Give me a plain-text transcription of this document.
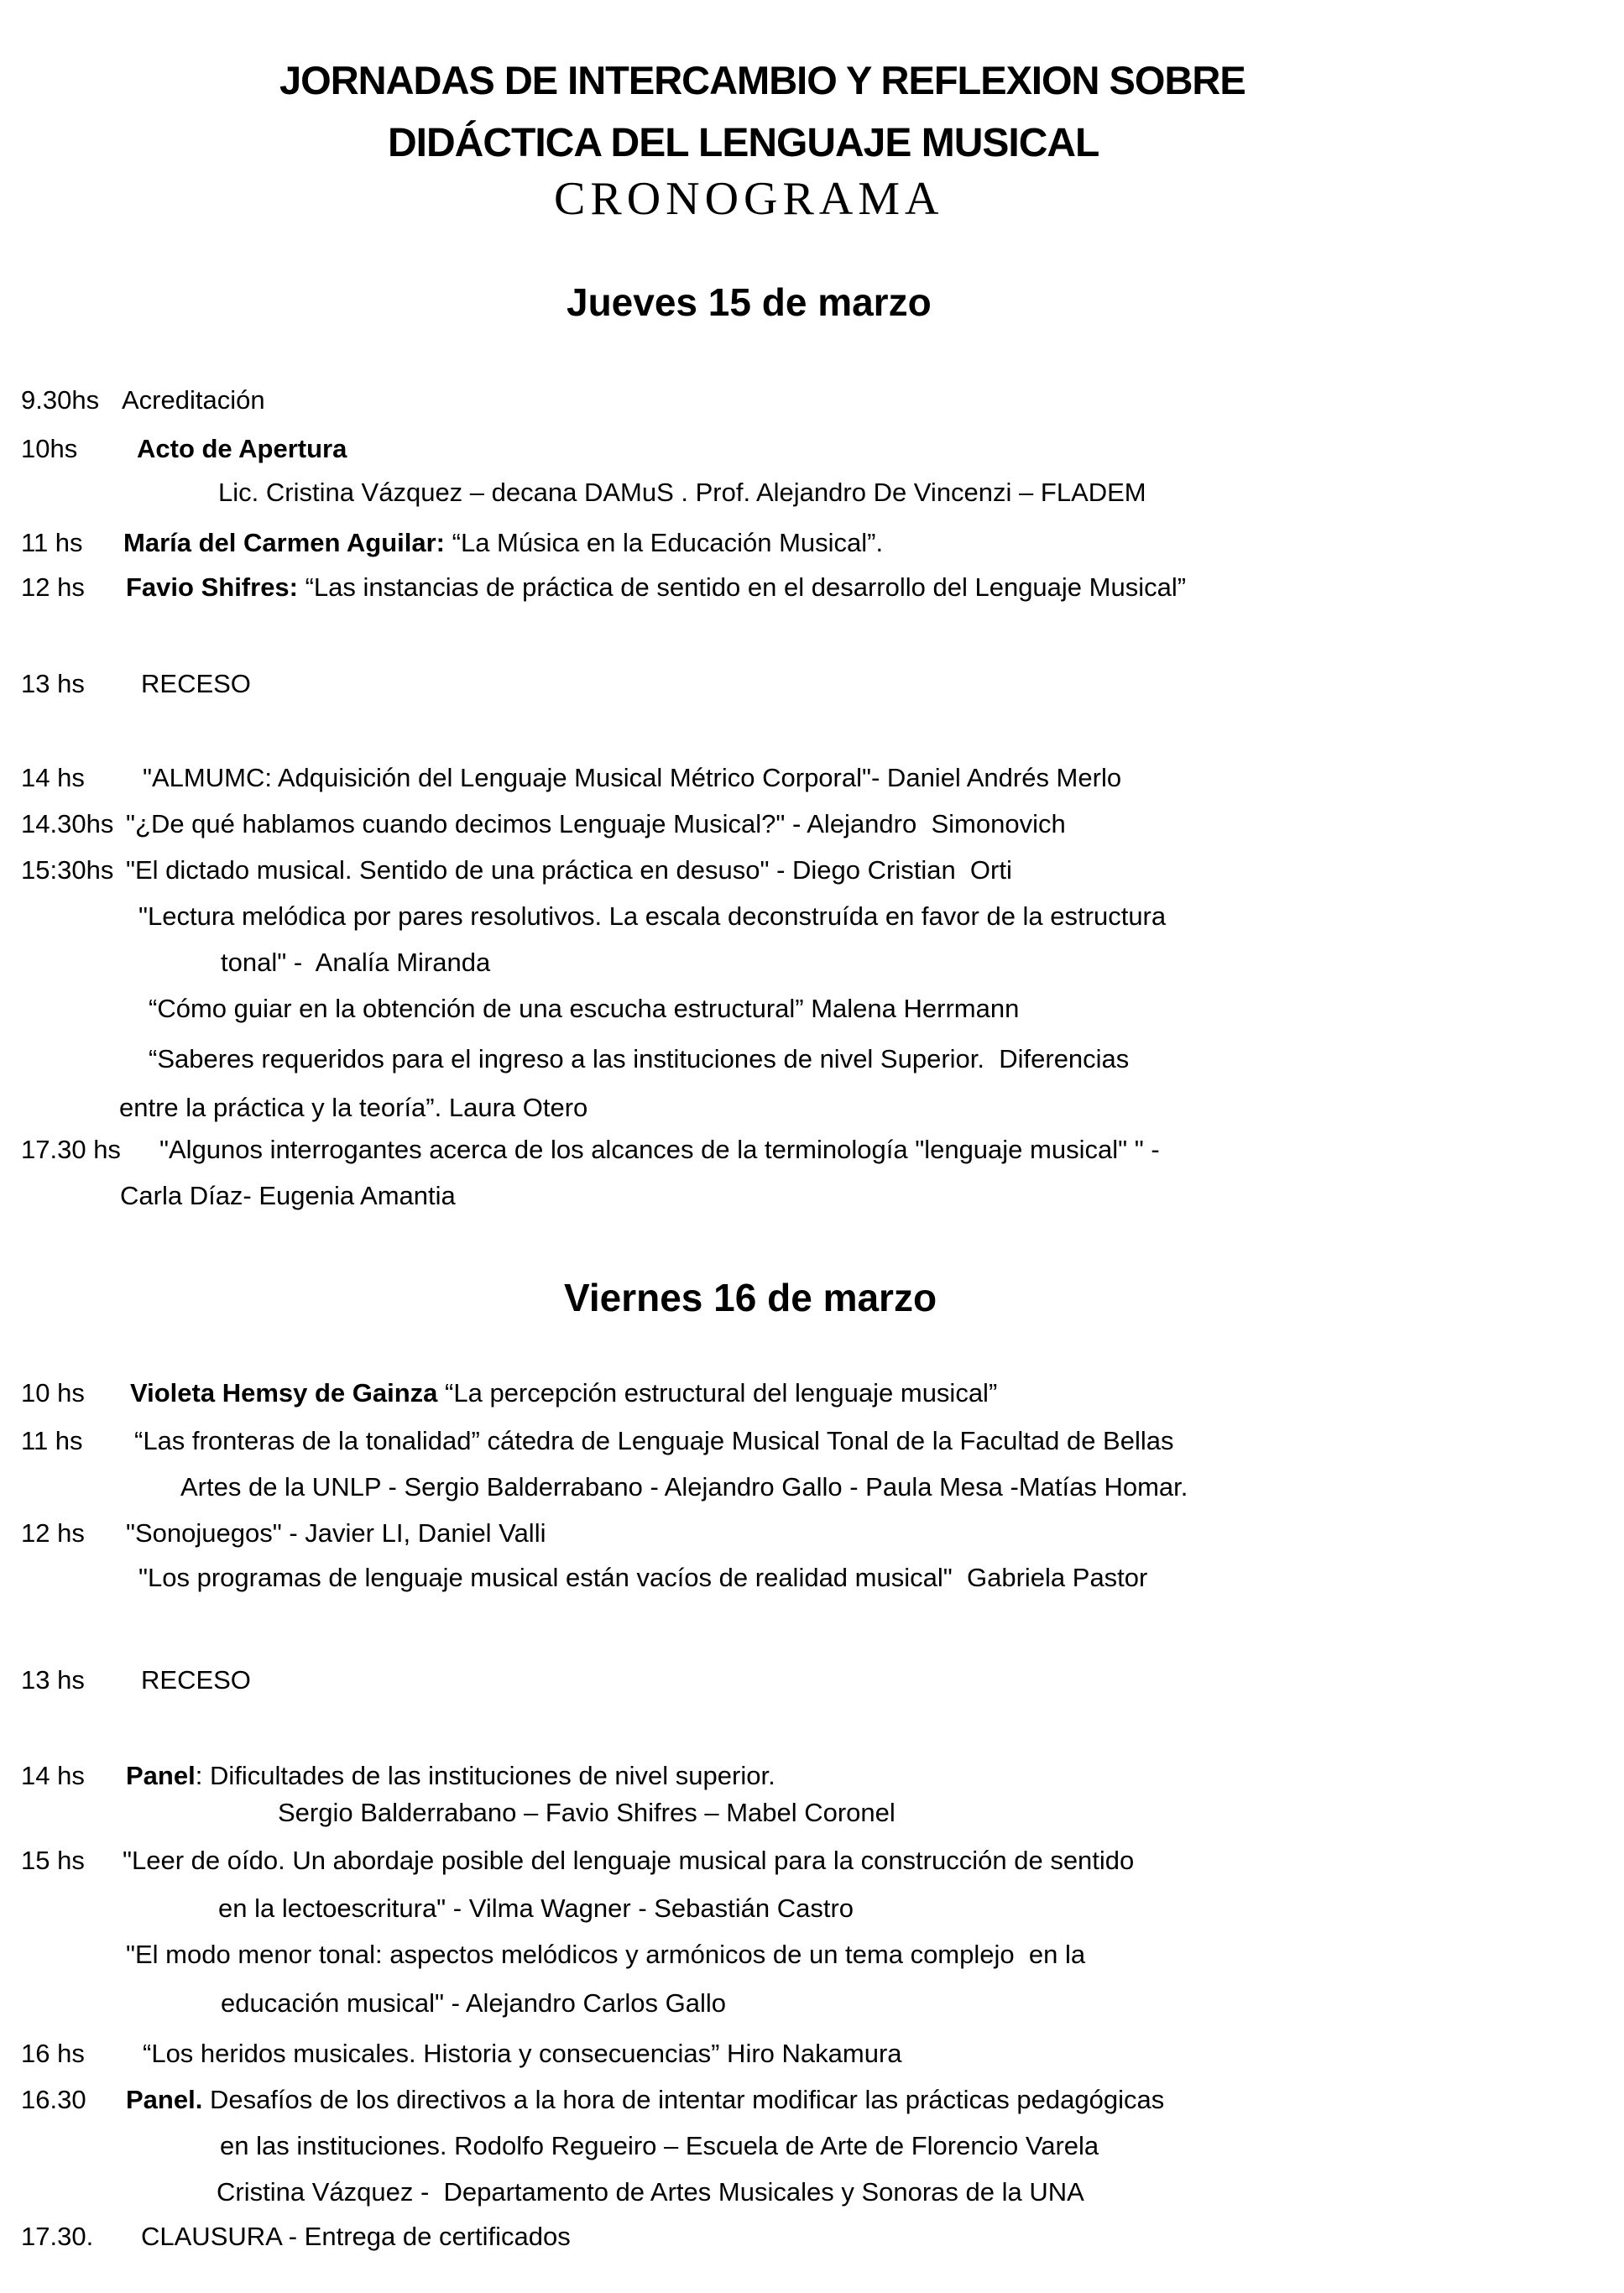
JORNADAS DE INTERCAMBIO Y REFLEXION SOBRE
DIDÁCTICA DEL LENGUAJE MUSICAL
CRONOGRAMA
Jueves 15 de marzo
Viernes 16 de marzo
9.30hs Acreditación
10hs Acto de Apertura
Lic. Cristina Vázquez – decana DAMuS . Prof. Alejandro De Vincenzi – FLADEM
11 hs María del Carmen Aguilar: “La Música en la Educación Musical”.
12 hs Favio Shifres: “Las instancias de práctica de sentido en el desarrollo del Lenguaje Musical”
13 hs RECESO
14 hs "ALMUMC: Adquisición del Lenguaje Musical Métrico Corporal"- Daniel Andrés Merlo
14.30hs "¿De qué hablamos cuando decimos Lenguaje Musical?" - Alejandro  Simonovich
15:30hs "El dictado musical. Sentido de una práctica en desuso" - Diego Cristian  Orti
"Lectura melódica por pares resolutivos. La escala deconstruída en favor de la estructura
tonal" -  Analía Miranda
“Cómo guiar en la obtención de una escucha estructural” Malena Herrmann
“Saberes requeridos para el ingreso a las instituciones de nivel Superior.  Diferencias
entre la práctica y la teoría”. Laura Otero
17.30 hs "Algunos interrogantes acerca de los alcances de la terminología "lenguaje musical" " -
Carla Díaz- Eugenia Amantia
10 hs Violeta Hemsy de Gainza “La percepción estructural del lenguaje musical”
11 hs “Las fronteras de la tonalidad” cátedra de Lenguaje Musical Tonal de la Facultad de Bellas
Artes de la UNLP - Sergio Balderrabano - Alejandro Gallo - Paula Mesa -Matías Homar.
12 hs "Sonojuegos" - Javier LI, Daniel Valli
"Los programas de lenguaje musical están vacíos de realidad musical"  Gabriela Pastor
13 hs RECESO
14 hs Panel: Dificultades de las instituciones de nivel superior.
Sergio Balderrabano – Favio Shifres – Mabel Coronel
15 hs "Leer de oído. Un abordaje posible del lenguaje musical para la construcción de sentido
en la lectoescritura" - Vilma Wagner - Sebastián Castro
"El modo menor tonal: aspectos melódicos y armónicos de un tema complejo  en la
educación musical" - Alejandro Carlos Gallo
16 hs “Los heridos musicales. Historia y consecuencias” Hiro Nakamura
16.30 Panel. Desafíos de los directivos a la hora de intentar modificar las prácticas pedagógicas
en las instituciones. Rodolfo Regueiro – Escuela de Arte de Florencio Varela
Cristina Vázquez -  Departamento de Artes Musicales y Sonoras de la UNA
17.30. CLAUSURA - Entrega de certificados
